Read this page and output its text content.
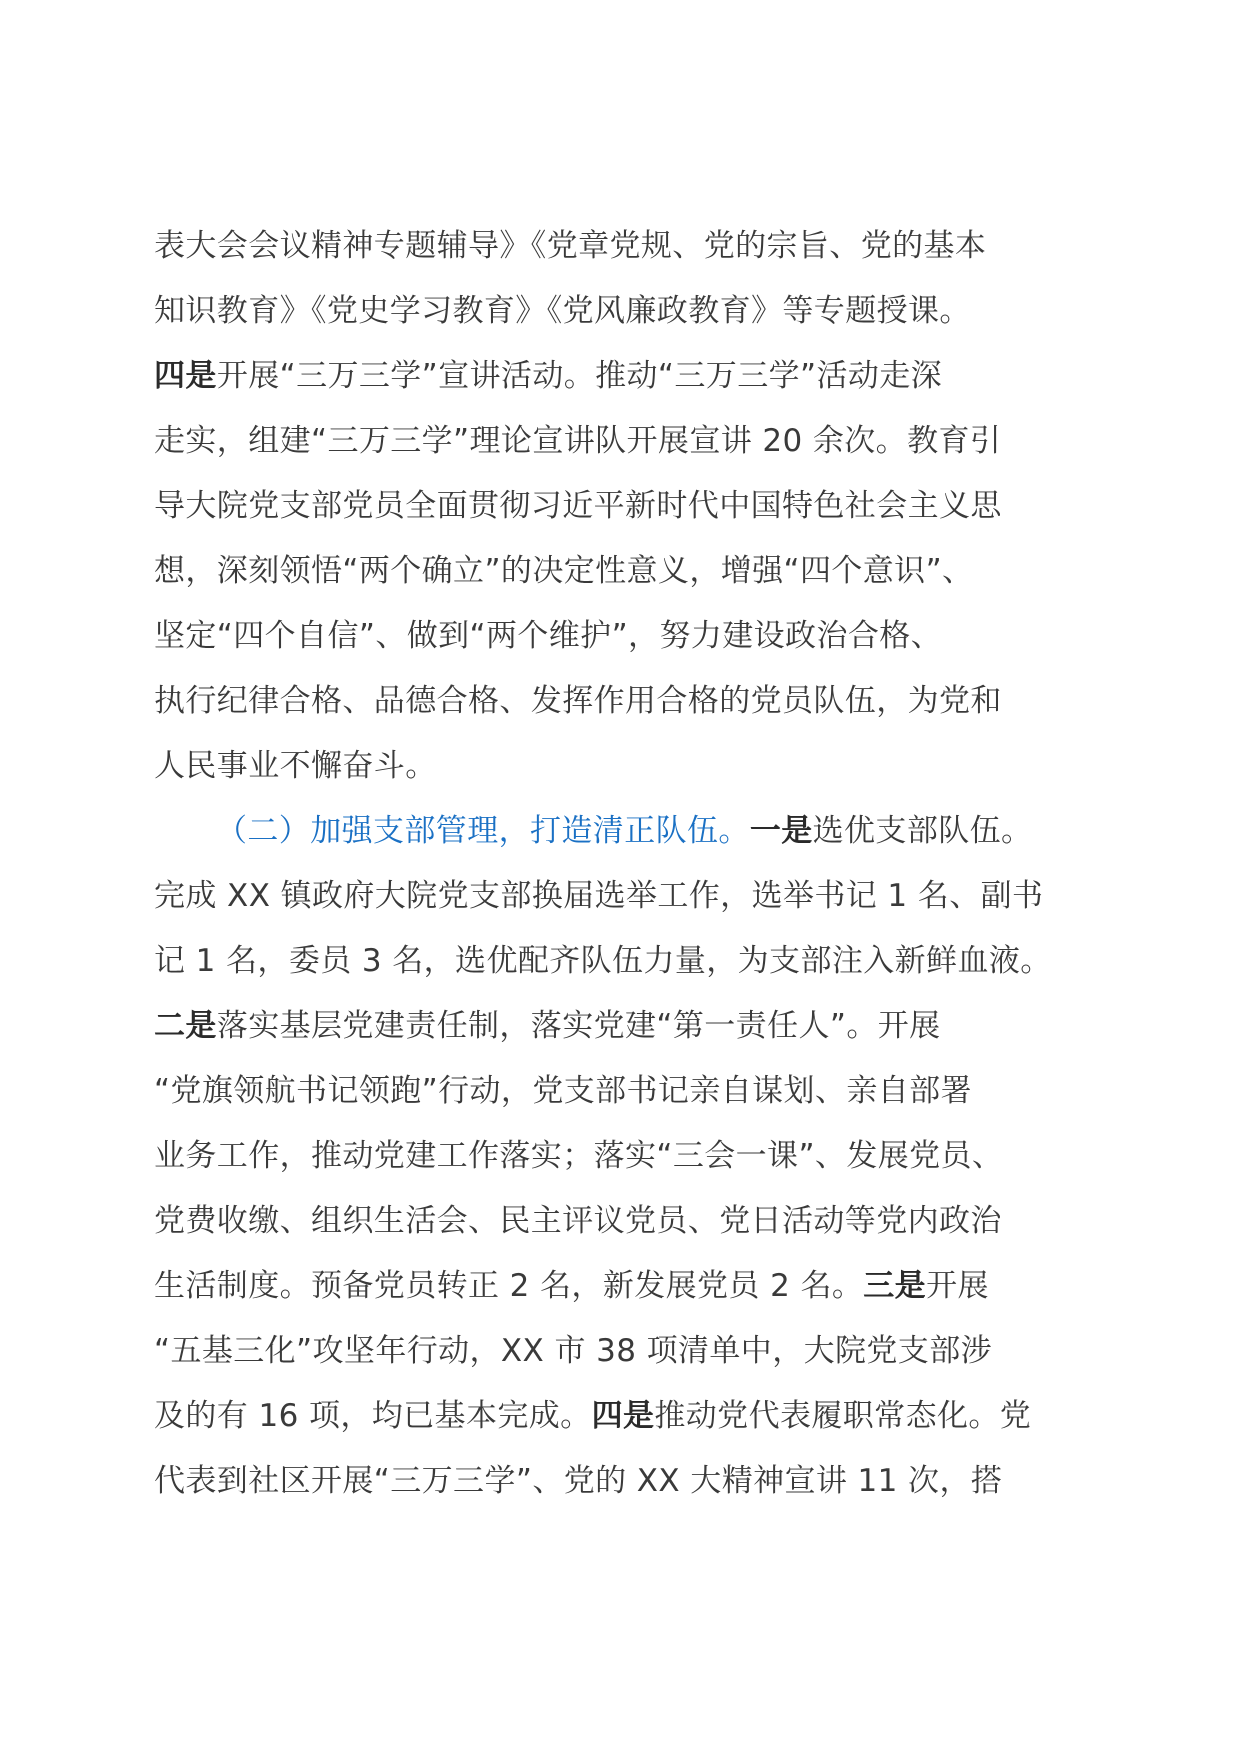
表大会会议精神专题辅导》《党章党规、党的宗旨、党的基本
知识教育》《党史学习教育》《党风廉政教育》等专题授课。
四是开展“三万三学”宣讲活动。推动“三万三学”活动走深
走实，组建“三万三学”理论宣讲队开展宣讲 20 余次。教育引
导大院党支部党员全面贯彻习近平新时代中国特色社会主义思
想，深刻领悟“两个确立”的决定性意义，增强“四个意识”、
坚定“四个自信”、做到“两个维护”，努力建设政治合格、
执行纪律合格、品德合格、发挥作用合格的党员队伍，为党和
人民事业不懈奋斗。
（二）加强支部管理，打造清正队伍。一是选优支部队伍。
完成 XX 镇政府大院党支部换届选举工作，选举书记 1 名、副书
记 1 名，委员 3 名，选优配齐队伍力量，为支部注入新鲜血液。
二是落实基层党建责任制，落实党建“第一责任人”。开展
“党旗领航书记领跑”行动，党支部书记亲自谋划、亲自部署
业务工作，推动党建工作落实；落实“三会一课”、发展党员、
党费收缴、组织生活会、民主评议党员、党日活动等党内政治
生活制度。预备党员转正 2 名，新发展党员 2 名。三是开展
“五基三化”攻坚年行动，XX 市 38 项清单中，大院党支部涉
及的有 16 项，均已基本完成。四是推动党代表履职常态化。党
代表到社区开展“三万三学”、党的 XX 大精神宣讲 11 次，搭
